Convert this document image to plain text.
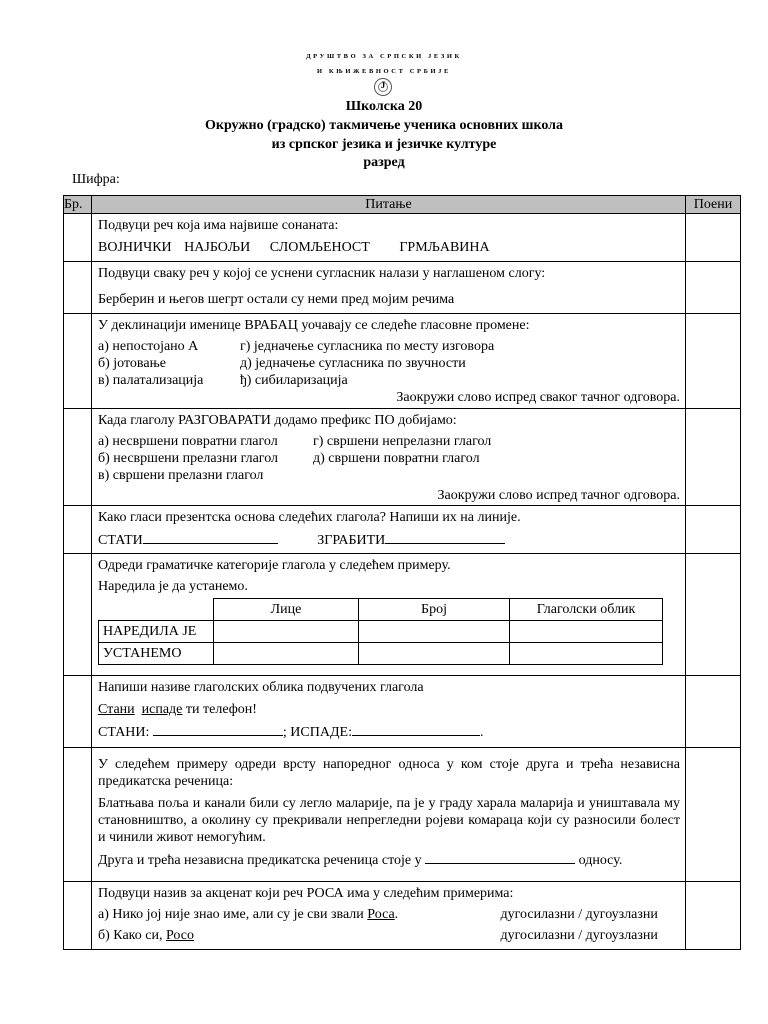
ДРУШТВО ЗА СРПСКИ ЈЕЗИК
И КЊИЖЕВНОСТ СРБИЈЕ
Ј
Школска 20
Окружно (градско) такмичење ученика основних школа
из српског језика и језичке културе
разред
Шифра:
Бр.	Питање	Поени

Подвуци реч која има највише сонаната:
ВОЈНИЧКИ НАЈБОЉИ СЛОМЉЕНОСТ ГРМЉАВИНА

Подвуци сваку реч у којој се уснени сугласник налази у наглашеном слогу:
Берберин и његов шегрт остали су неми пред мојим речима

У деклинацији именице ВРАБАЦ уочавају се следеће гласовне промене:
а) непостојано А	г) једначење сугласника по месту изговора
б) јотовање	д) једначење сугласника по звучности
в) палатализација	ђ) сибиларизација
Заокружи слово испред сваког тачног одговора.

Када глаголу РАЗГОВАРАТИ додамо префикс ПО добијамо:
а) несвршени повратни глагол	г) свршени непрелазни глагол
б) несвршени прелазни глагол	д) свршени повратни глагол
в) свршени прелазни глагол
Заокружи слово испред тачног одговора.

Како гласи презентска основа следећих глагола? Напиши их на линије.
СТАТИ	ЗГРАБИТИ

Одреди граматичке категорије глагола у следећем примеру.
Наредила је да устанемо.
	Лице	Број	Глаголски облик
НАРЕДИЛА ЈЕ			
УСТАНЕМО			

Напиши називе глаголских облика подвучених глагола
Стани испаде ти телефон!
СТАНИ:	; ИСПАДЕ:	.

У следећем примеру одреди врсту напоредног односа у ком стоје друга и трећа независна предикатска реченица:
Блатњава поља и канали били су легло маларије, па је у граду харала маларија и уништавала му становништво, а околину су прекривали непрегледни ројеви комараца који су разносили болест и чинили живот немогућим.
Друга и трећа независна предикатска реченица стоје у	односу.

Подвуци назив за акценат који реч РОСА има у следећим примерима:
а) Нико јој није знао име, али су је сви звали Роса.	дугосилазни / дугоузлазни
б) Како си, Росо	дугосилазни / дугоузлазни
